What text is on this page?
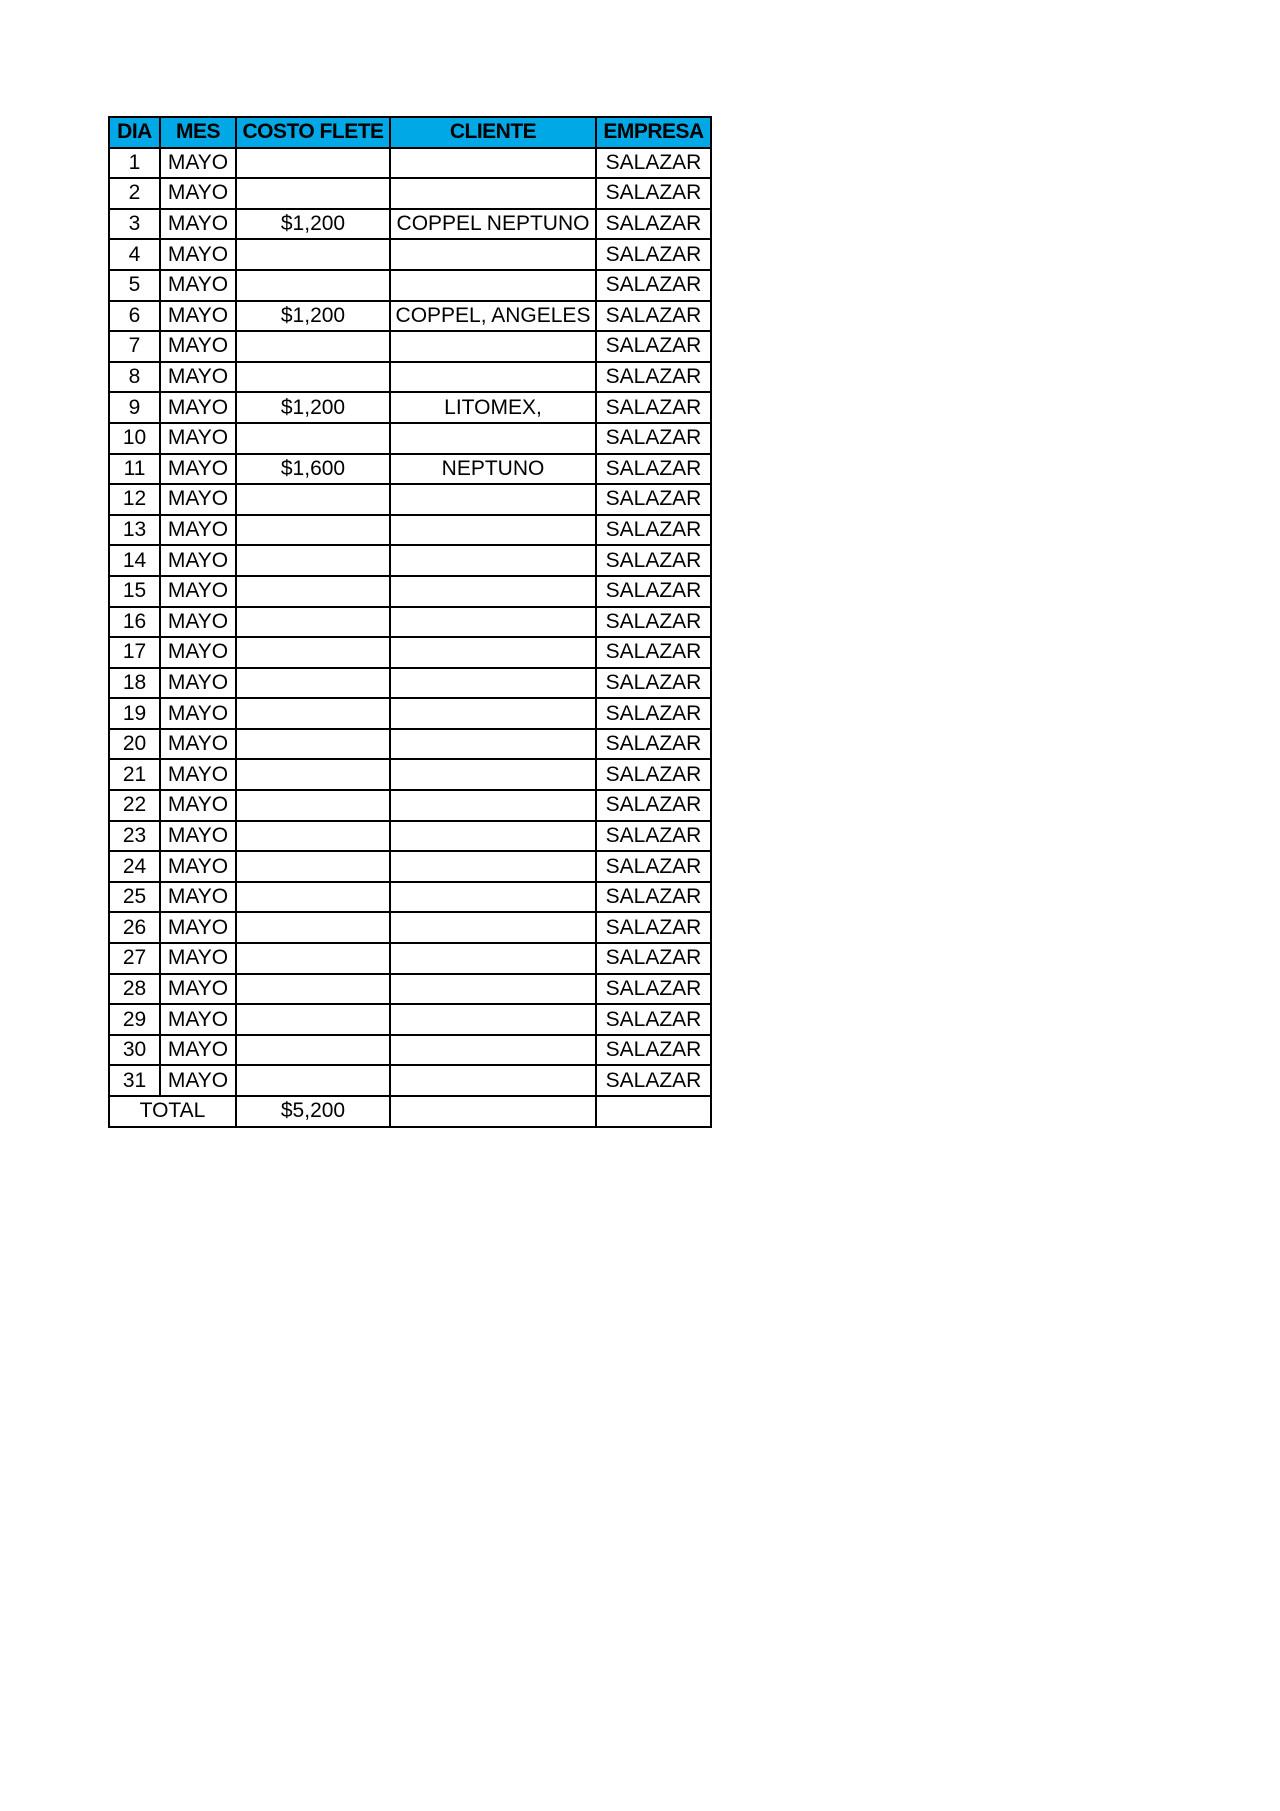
DIA	MES	COSTO FLETE	CLIENTE	EMPRESA
1	MAYO			SALAZAR
2	MAYO			SALAZAR
3	MAYO	$1,200	COPPEL NEPTUNO	SALAZAR
4	MAYO			SALAZAR
5	MAYO			SALAZAR
6	MAYO	$1,200	COPPEL, ANGELES	SALAZAR
7	MAYO			SALAZAR
8	MAYO			SALAZAR
9	MAYO	$1,200	LITOMEX,	SALAZAR
10	MAYO			SALAZAR
11	MAYO	$1,600	NEPTUNO	SALAZAR
12	MAYO			SALAZAR
13	MAYO			SALAZAR
14	MAYO			SALAZAR
15	MAYO			SALAZAR
16	MAYO			SALAZAR
17	MAYO			SALAZAR
18	MAYO			SALAZAR
19	MAYO			SALAZAR
20	MAYO			SALAZAR
21	MAYO			SALAZAR
22	MAYO			SALAZAR
23	MAYO			SALAZAR
24	MAYO			SALAZAR
25	MAYO			SALAZAR
26	MAYO			SALAZAR
27	MAYO			SALAZAR
28	MAYO			SALAZAR
29	MAYO			SALAZAR
30	MAYO			SALAZAR
31	MAYO			SALAZAR
TOTAL		$5,200		
